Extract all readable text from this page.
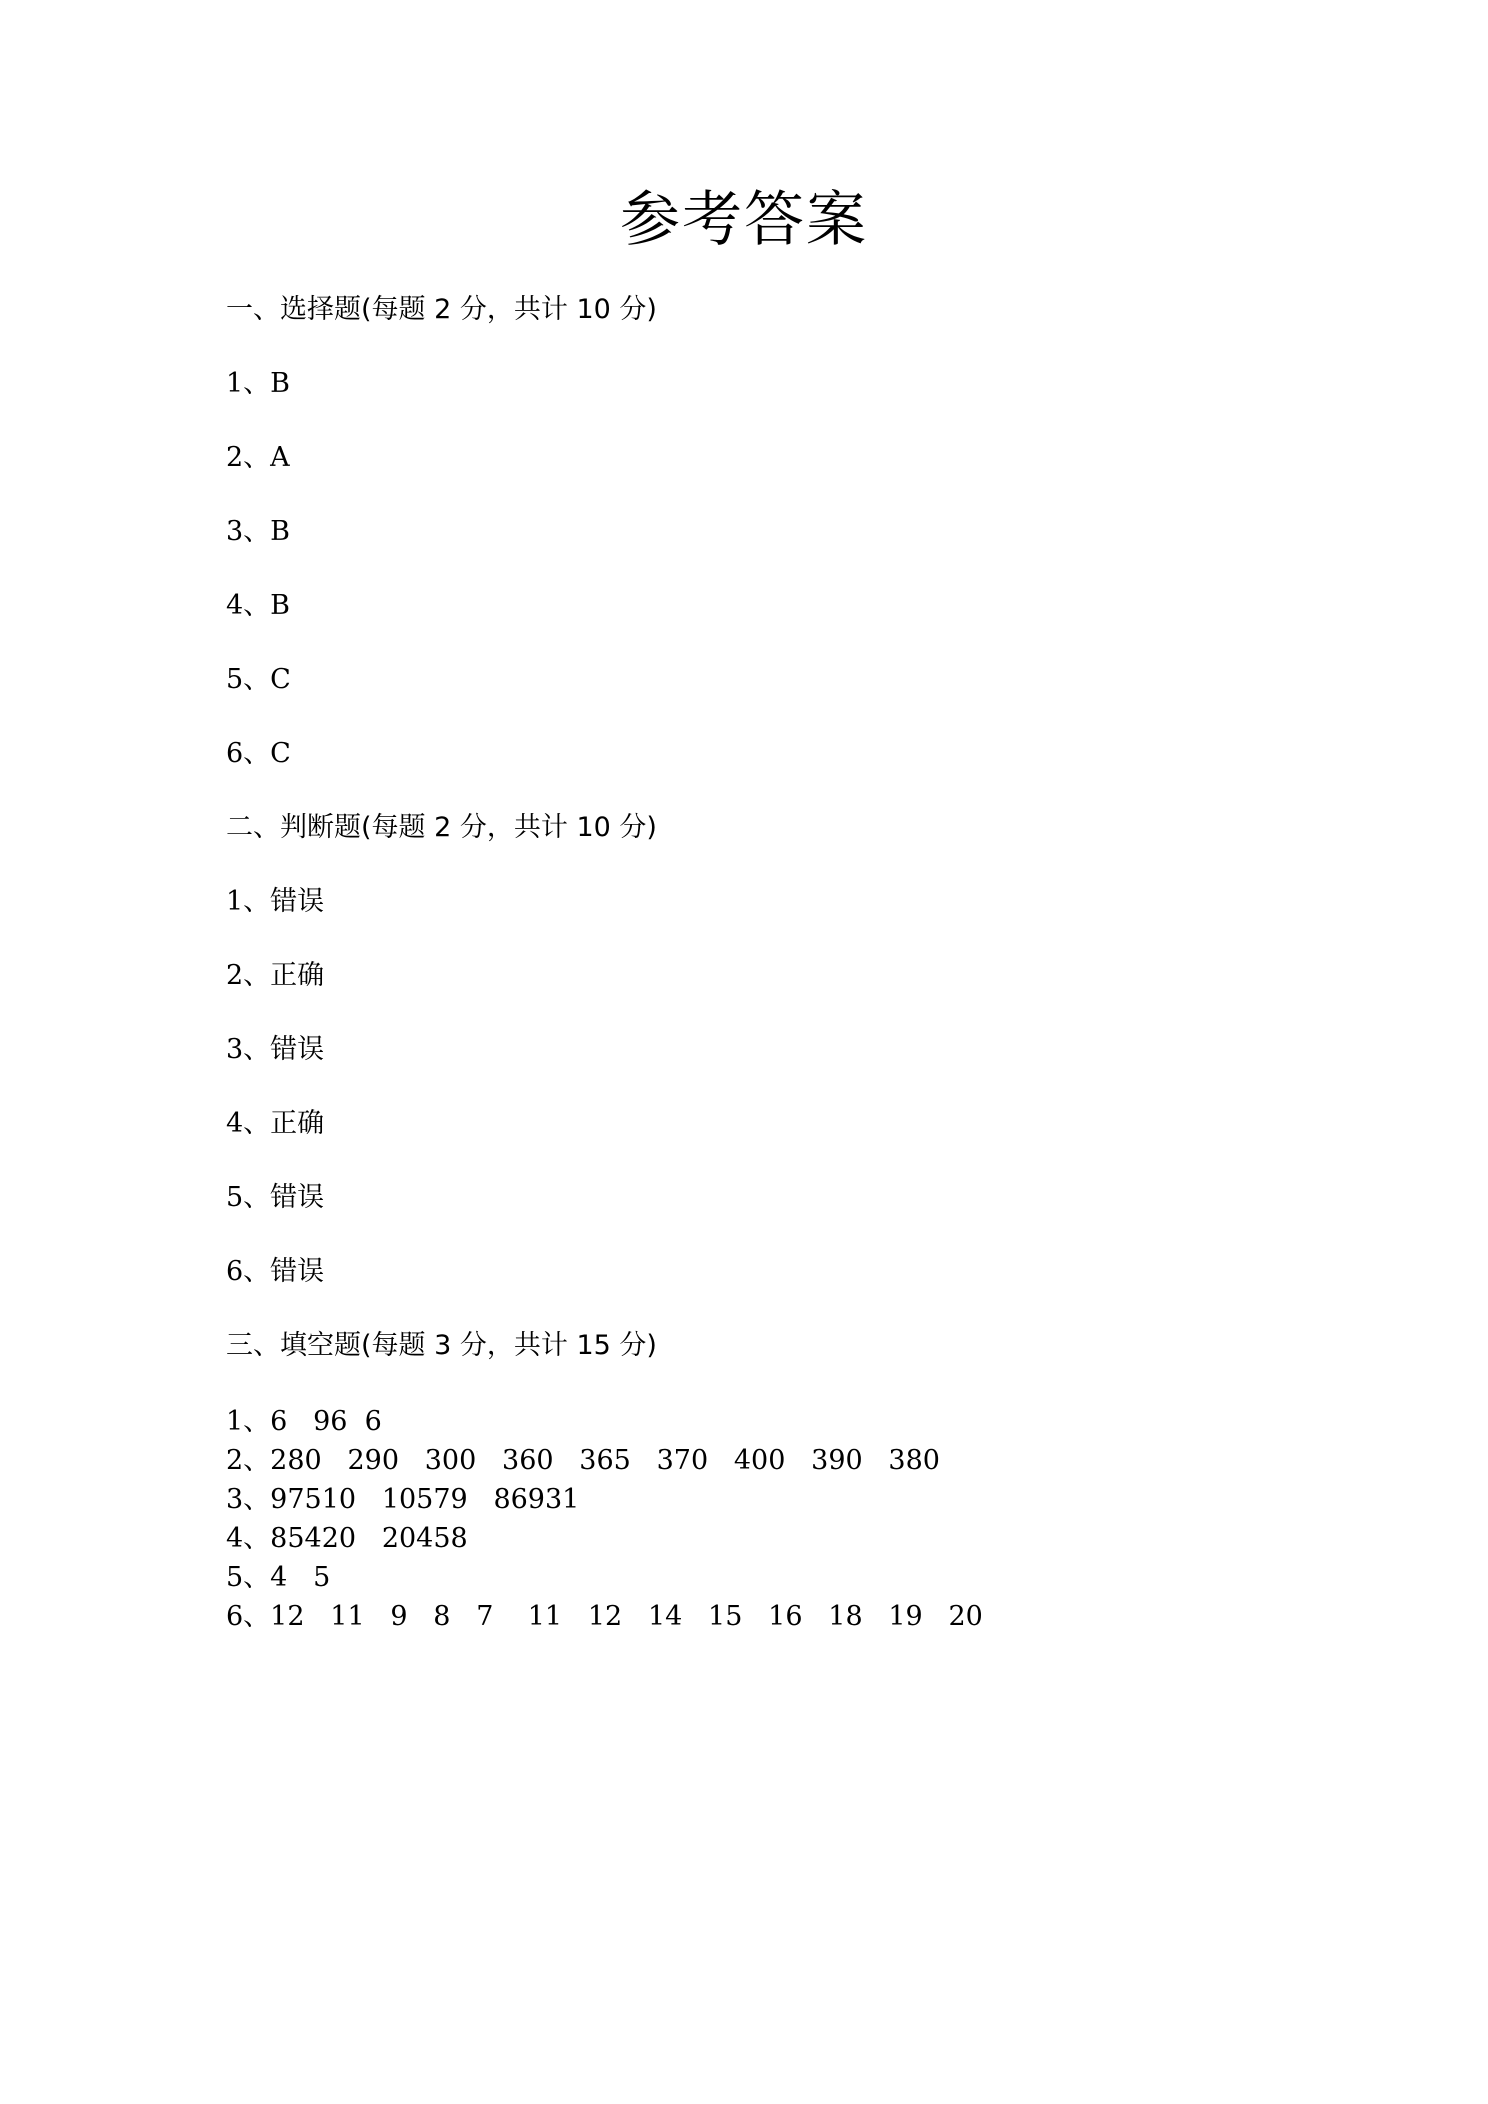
参考答案
一、选择题(每题 2 分，共计 10 分)
1、B
2、A
3、B
4、B
5、C
6、C
二、判断题(每题 2 分，共计 10 分)
1、错误
2、正确
3、错误
4、正确
5、错误
6、错误
三、填空题(每题 3 分，共计 15 分)
1、6   96  6
2、280   290   300   360   365   370   400   390   380
3、97510   10579   86931
4、85420   20458
5、4   5
6、12   11   9   8   7    11   12   14   15   16   18   19   20
